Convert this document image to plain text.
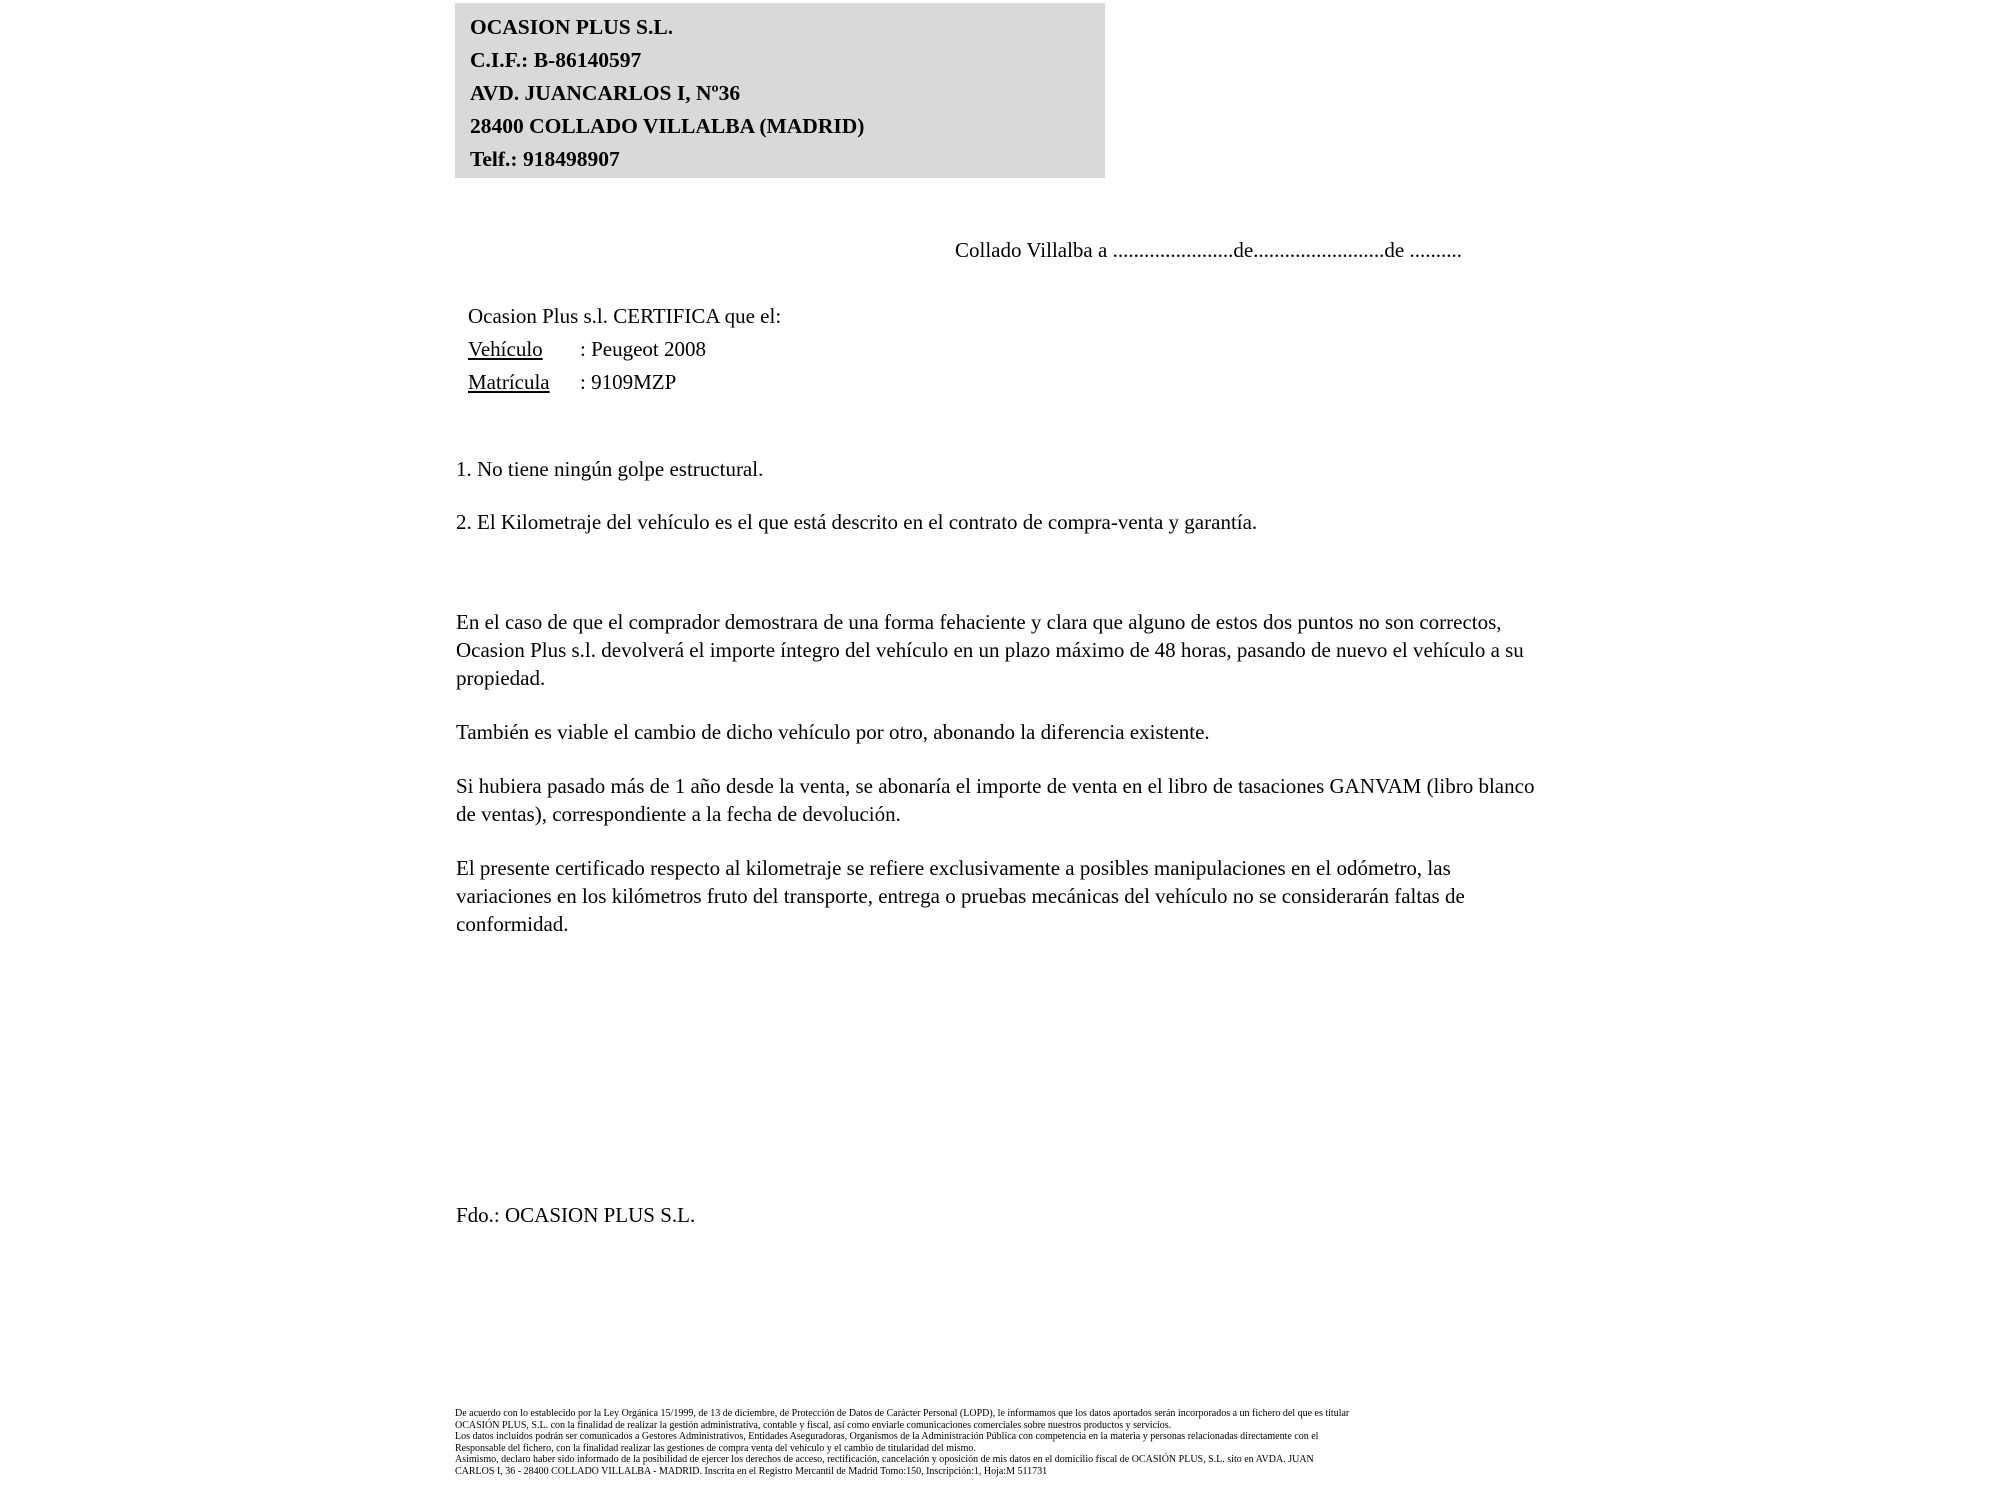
OCASION PLUS S.L.
C.I.F.: B-86140597
AVD. JUANCARLOS I, Nº36
28400 COLLADO VILLALBA (MADRID)
Telf.: 918498907
Collado Villalba a .......................de.........................de ..........
Ocasion Plus s.l. CERTIFICA que el:
Vehículo	: Peugeot 2008
Matrícula	: 9109MZP

1. No tiene ningún golpe estructural.

2. El Kilometraje del vehículo es el que está descrito en el contrato de compra-venta y garantía.

En el caso de que el comprador demostrara de una forma fehaciente y clara que alguno de estos dos puntos no son correctos, Ocasion Plus s.l. devolverá el importe íntegro del vehículo en un plazo máximo de 48 horas, pasando de nuevo el vehículo a su propiedad.

También es viable el cambio de dicho vehículo por otro, abonando la diferencia existente.

Si hubiera pasado más de 1 año desde la venta, se abonaría el importe de venta en el libro de tasaciones GANVAM (libro blanco de ventas), correspondiente a la fecha de devolución.

El presente certificado respecto al kilometraje se refiere exclusivamente a posibles manipulaciones en el odómetro, las variaciones en los kilómetros fruto del transporte, entrega o pruebas mecánicas del vehículo no se considerarán faltas de conformidad.

Fdo.: OCASION PLUS S.L.
De acuerdo con lo establecido por la Ley Orgánica 15/1999, de 13 de diciembre, de Protección de Datos de Carácter Personal (LOPD), le informamos que los datos aportados serán incorporados a un fichero del que es titular
OCASIÓN PLUS, S.L. con la finalidad de realizar la gestión administrativa, contable y fiscal, así como enviarle comunicaciones comerciales sobre nuestros productos y servicios.
Los datos incluidos podrán ser comunicados a Gestores Administrativos, Entidades Aseguradoras, Organismos de la Administración Pública con competencia en la materia y personas relacionadas directamente con el
Responsable del fichero, con la finalidad realizar las gestiones de compra venta del vehículo y el cambio de titularidad del mismo.
Asimismo, declaro haber sido informado de la posibilidad de ejercer los derechos de acceso, rectificación, cancelación y oposición de mis datos en el domicilio fiscal de OCASIÓN PLUS, S.L. sito en AVDA. JUAN
CARLOS I, 36 - 28400 COLLADO VILLALBA - MADRID. Inscrita en el Registro Mercantil de Madrid Tomo:150, Inscripción:1, Hoja:M 511731
